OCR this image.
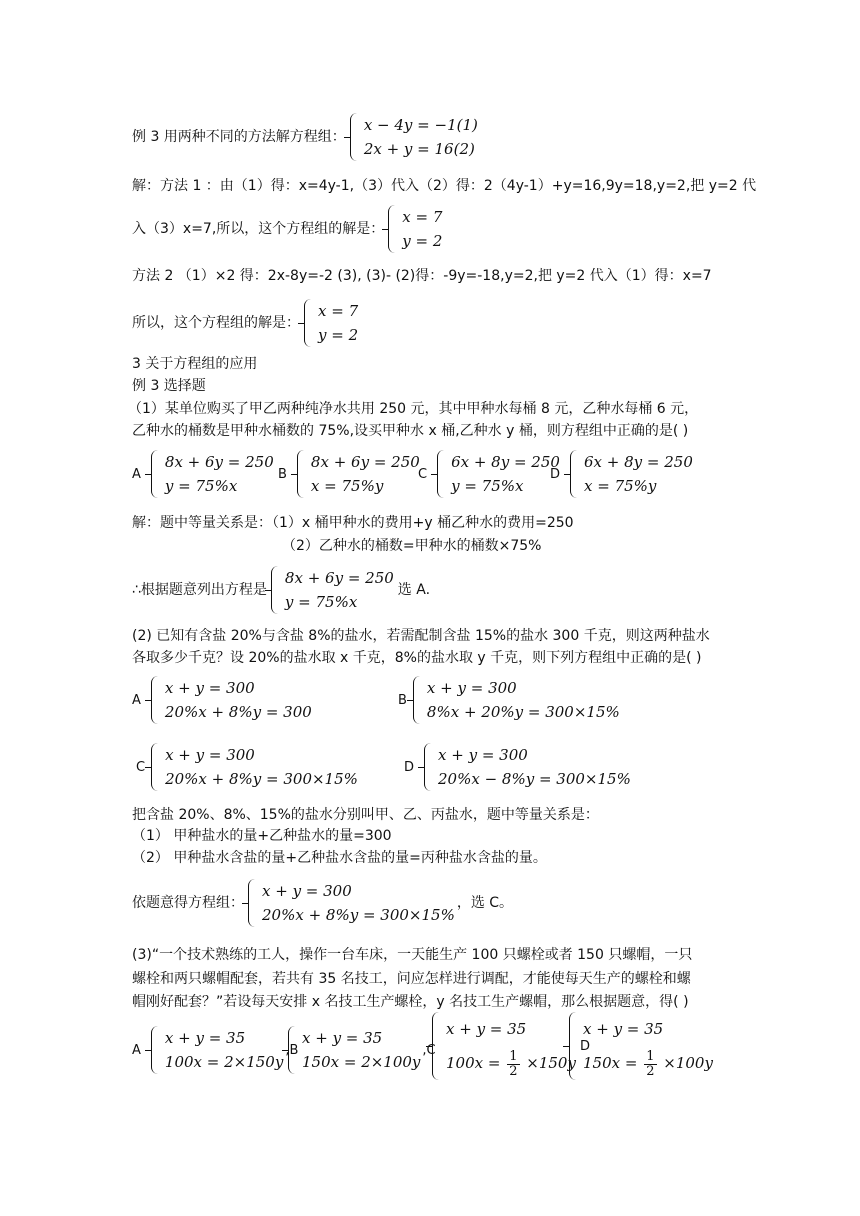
例 3 用两种不同的方法解方程组：
x − 4y = −1(1)
2x + y = 16(2)
解：方法 1 ：由（1）得：x=4y-1,（3）代入（2）得：2（4y-1）+y=16,9y=18,y=2,把 y=2 代
入（3）x=7,所以，这个方程组的解是：
x = 7
y = 2
方法 2 （1）×2 得：2x-8y=-2 (3), (3)- (2)得：-9y=-18,y=2,把 y=2 代入（1）得：x=7
所以，这个方程组的解是：
x = 7
y = 2
3 关于方程组的应用
例 3 选择题
（1）某单位购买了甲乙两种纯净水共用 250 元，其中甲种水每桶 8 元，乙种水每桶 6 元，
乙种水的桶数是甲种水桶数的 75%,设买甲种水 x 桶,乙种水 y 桶，则方程组中正确的是( )
A
8x + 6y = 250
y = 75%x
B
8x + 6y = 250
x = 75%y
C
6x + 8y = 250
y = 75%x
D
6x + 8y = 250
x = 75%y
解：题中等量关系是：（1）x 桶甲种水的费用+y 桶乙种水的费用=250
（2）乙种水的桶数=甲种水的桶数×75%
∴根据题意列出方程是
8x + 6y = 250
y = 75%x
选 A.
(2) 已知有含盐 20%与含盐 8%的盐水，若需配制含盐 15%的盐水 300 千克，则这两种盐水
各取多少千克？设 20%的盐水取 x 千克，8%的盐水取 y 千克，则下列方程组中正确的是( )
A
x + y = 300
20%x + 8%y = 300
B
x + y = 300
8%x + 20%y = 300×15%
C
x + y = 300
20%x + 8%y = 300×15%
D
x + y = 300
20%x − 8%y = 300×15%
把含盐 20%、8%、15%的盐水分别叫甲、乙、丙盐水，题中等量关系是：
（1） 甲种盐水的量+乙种盐水的量=300
（2） 甲种盐水含盐的量+乙种盐水含盐的量=丙种盐水含盐的量。
依题意得方程组：
x + y = 300
20%x + 8%y = 300×15%
，选 C。
(3)“一个技术熟练的工人，操作一台车床，一天能生产 100 只螺栓或者 150 只螺帽，一只
螺栓和两只螺帽配套，若共有 35 名技工，问应怎样进行调配，才能使每天生产的螺栓和螺
帽刚好配套？”若设每天安排 x 名技工生产螺栓，y 名技工生产螺帽，那么根据题意，得( )
A
x + y = 35
100x = 2×150y
,B
x + y = 35
150x = 2×100y
,C
x + y = 35
$100x = \frac{1}{2} \times 150y$
D
x + y = 35
$150x = \frac{1}{2} \times 100y$
